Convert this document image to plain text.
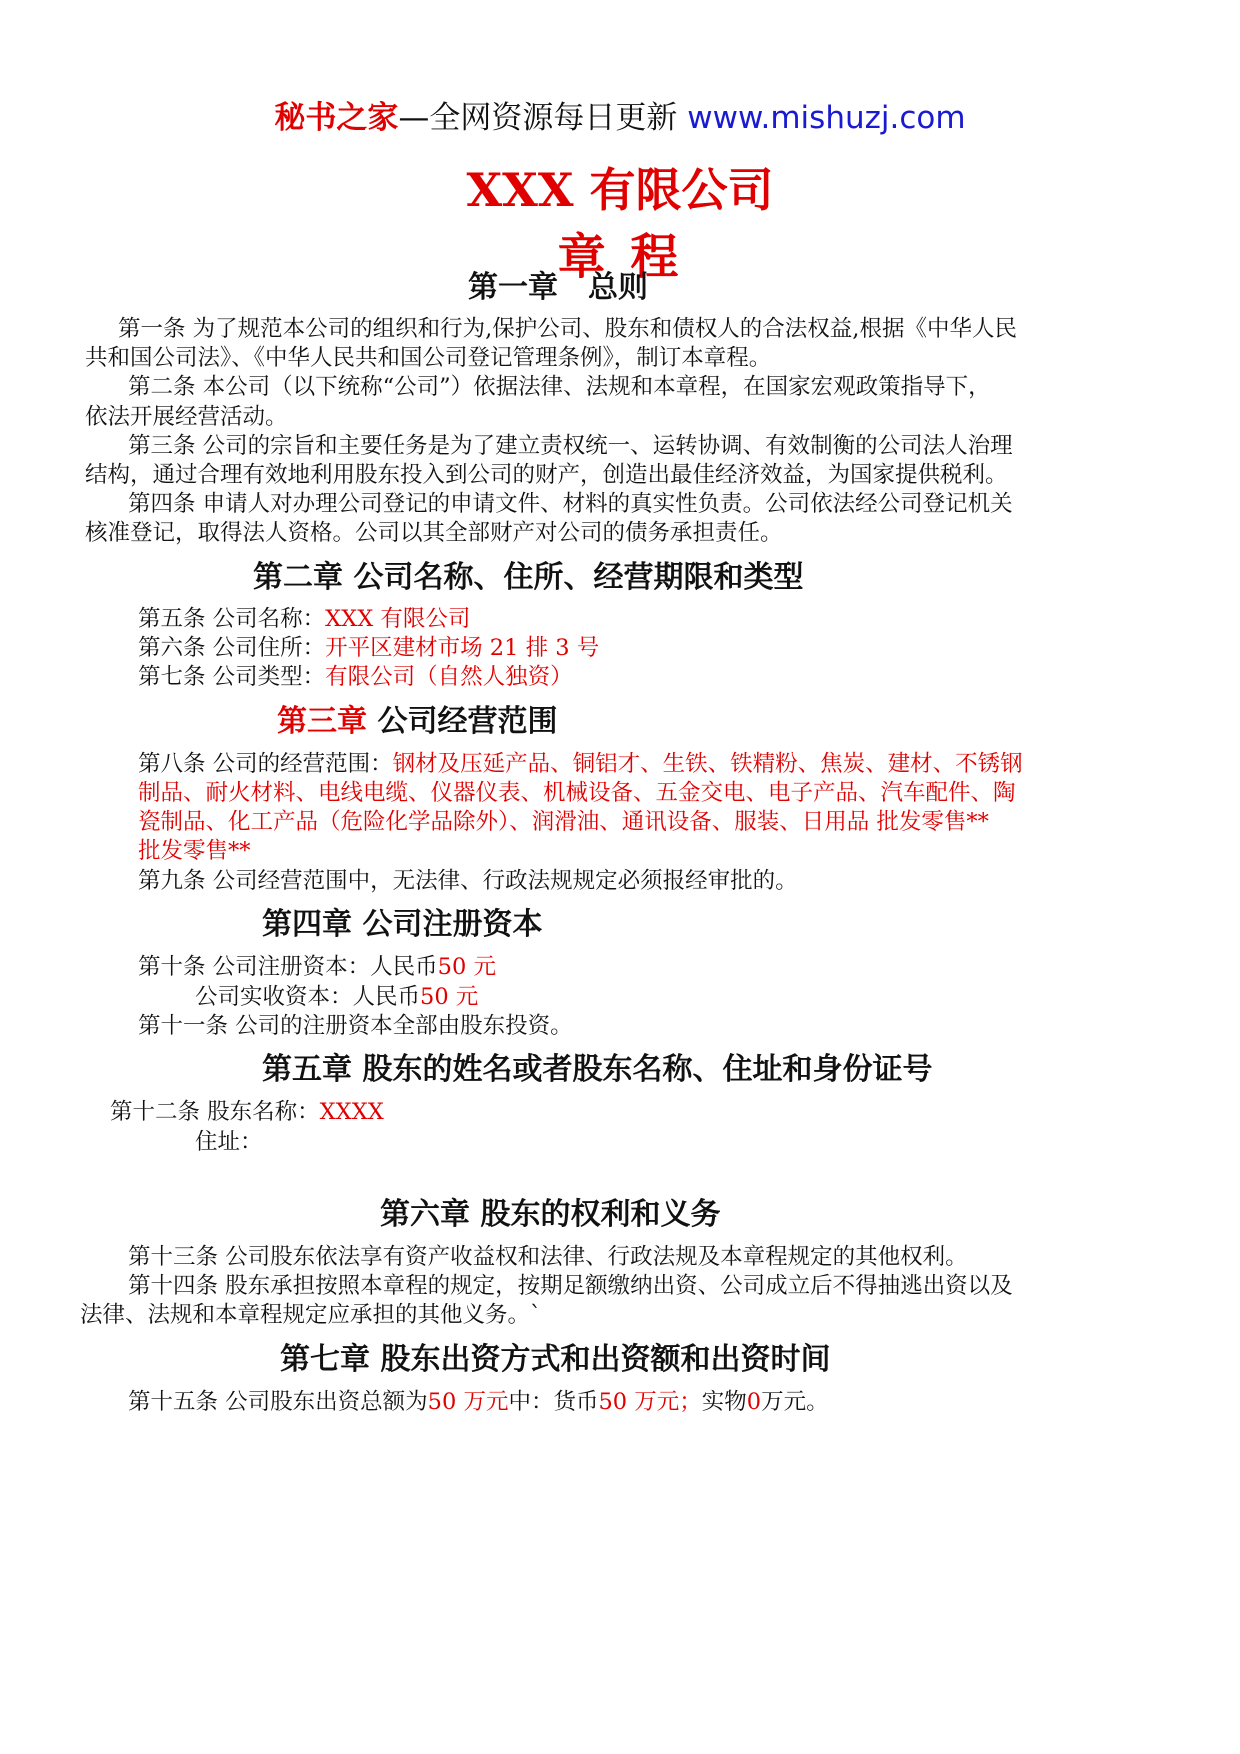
秘书之家—全网资源每日更新 www.mishuzj.com
XXX 有限公司
章 程
第一章　总则
第一条 为了规范本公司的组织和行为,保护公司、股东和债权人的合法权益,根据《中华人民
共和国公司法》、《中华人民共和国公司登记管理条例》，制订本章程。
第二条 本公司（以下统称“公司”）依据法律、法规和本章程，在国家宏观政策指导下，
依法开展经营活动。
第三条 公司的宗旨和主要任务是为了建立责权统一、运转协调、有效制衡的公司法人治理
结构，通过合理有效地利用股东投入到公司的财产，创造出最佳经济效益，为国家提供税利。
第四条 申请人对办理公司登记的申请文件、材料的真实性负责。公司依法经公司登记机关
核准登记，取得法人资格。公司以其全部财产对公司的债务承担责任。
第二章 公司名称、住所、经营期限和类型
第五条 公司名称：XXX 有限公司
第六条 公司住所：开平区建材市场 21 排 3 号
第七条 公司类型：有限公司（自然人独资）
第三章 公司经营范围
第八条 公司的经营范围：钢材及压延产品、铜铝才、生铁、铁精粉、焦炭、建材、不锈钢
制品、耐火材料、电线电缆、仪器仪表、机械设备、五金交电、电子产品、汽车配件、陶
瓷制品、化工产品（危险化学品除外）、润滑油、通讯设备、服装、日用品 批发零售**
批发零售**
第九条 公司经营范围中，无法律、行政法规规定必须报经审批的。
第四章 公司注册资本
第十条 公司注册资本：人民币50 元
公司实收资本：人民币50 元
第十一条 公司的注册资本全部由股东投资。
第五章 股东的姓名或者股东名称、住址和身份证号
第十二条 股东名称：XXXX
住址：
第六章 股东的权利和义务
第十三条 公司股东依法享有资产收益权和法律、行政法规及本章程规定的其他权利。
第十四条 股东承担按照本章程的规定，按期足额缴纳出资、公司成立后不得抽逃出资以及
法律、法规和本章程规定应承担的其他义务。`
第七章 股东出资方式和出资额和出资时间
第十五条 公司股东出资总额为50 万元中：货币50 万元；实物0万元。
